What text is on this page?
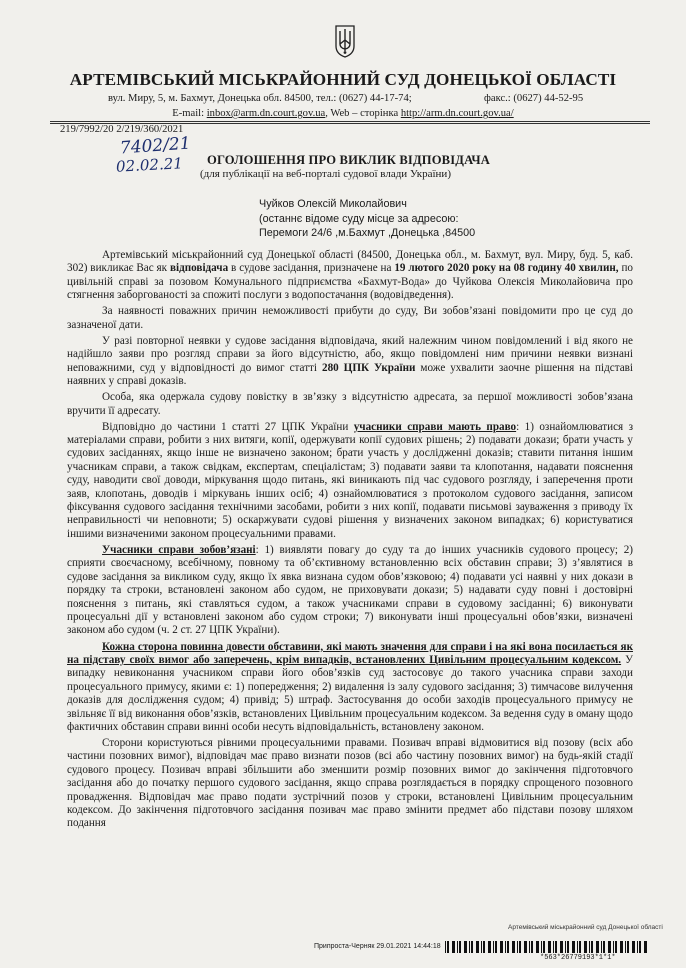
АРТЕМІВСЬКИЙ МІСЬКРАЙОННИЙ СУД ДОНЕЦЬКОЇ ОБЛАСТІ
вул. Миру, 5, м. Бахмут, Донецька обл. 84500, тел.: (0627) 44-17-74;	факс.: (0627) 44-52-95
E-mail: inbox@arm.dn.court.gov.ua, Web – сторінка http://arm.dn.court.gov.ua/
219/7992/20 2/219/360/2021
7402/21
02.02.21 ОГОЛОШЕННЯ ПРО ВИКЛИК ВІДПОВІДАЧА
(для публікації на веб-порталі судової влади України)
Чуйков Олексій Миколайович
(останнє відоме суду місце за адресою:
Перемоги 24/6 ,м.Бахмут ,Донецька ,84500

Артемівський міськрайонний суд Донецької області (84500, Донецька обл., м. Бахмут, вул. Миру, буд. 5, каб. 302) викликає Вас як відповідача в судове засідання, призначене на 19 лютого 2020 року на 08 годину 40 хвилин, по цивільній справі за позовом Комунального підприємства «Бахмут-Вода» до Чуйкова Олексія Миколайовича про стягнення заборгованості за спожиті послуги з водопостачання (водовідведення).

За наявності поважних причин неможливості прибути до суду, Ви зобов’язані повідомити про це суд до зазначеної дати.

У разі повторної неявки у судове засідання відповідача, який належним чином повідомлений і від якого не надійшло заяви про розгляд справи за його відсутністю, або, якщо повідомлені ним причини неявки визнані неповажними, суд у відповідності до вимог статті 280 ЦПК України може ухвалити заочне рішення на підставі наявних у справі доказів.

Особа, яка одержала судову повістку в зв’язку з відсутністю адресата, за першої можливості зобов’язана вручити її адресату.

Відповідно до частини 1 статті 27 ЦПК України учасники справи мають право: 1) ознайомлюватися з матеріалами справи, робити з них витяги, копії, одержувати копії судових рішень; 2) подавати докази; брати участь у судових засіданнях, якщо інше не визначено законом; брати участь у дослідженні доказів; ставити питання іншим учасникам справи, а також свідкам, експертам, спеціалістам; 3) подавати заяви та клопотання, надавати пояснення суду, наводити свої доводи, міркування щодо питань, які виникають під час судового розгляду, і заперечення проти заяв, клопотань, доводів і міркувань інших осіб; 4) ознайомлюватися з протоколом судового засідання, записом фіксування судового засідання технічними засобами, робити з них копії, подавати письмові зауваження з приводу їх неправильності чи неповноти; 5) оскаржувати судові рішення у визначених законом випадках; 6) користуватися іншими визначеними законом процесуальними правами.

Учасники справи зобов’язані: 1) виявляти повагу до суду та до інших учасників судового процесу; 2) сприяти своєчасному, всебічному, повному та об’єктивному встановленню всіх обставин справи; 3) з’являтися в судове засідання за викликом суду, якщо їх явка визнана судом обов’язковою; 4) подавати усі наявні у них докази в порядку та строки, встановлені законом або судом, не приховувати докази; 5) надавати суду повні і достовірні пояснення з питань, які ставляться судом, а також учасниками справи в судовому засіданні; 6) виконувати процесуальні дії у встановлені законом або судом строки; 7) виконувати інші процесуальні обов’язки, визначені законом або судом (ч. 2 ст. 27 ЦПК України).

Кожна сторона повинна довести обставини, які мають значення для справи і на які вона посилається як на підставу своїх вимог або заперечень, крім випадків, встановлених Цивільним процесуальним кодексом. У випадку невиконання учасником справи його обов’язків суд застосовує до такого учасника справи заходи процесуального примусу, якими є: 1) попередження; 2) видалення із залу судового засідання; 3) тимчасове вилучення доказів для дослідження судом; 4) привід; 5) штраф. Застосування до особи заходів процесуального примусу не звільняє її від виконання обов’язків, встановлених Цивільним процесуальним кодексом. За ведення суду в оману щодо фактичних обставин справи винні особи несуть відповідальність, встановлену законом.

Сторони користуються рівними процесуальними правами. Позивач вправі відмовитися від позову (всіх або частини позовних вимог), відповідач має право визнати позов (всі або частину позовних вимог) на будь-якій стадії судового процесу. Позивач вправі збільшити або зменшити розмір позовних вимог до закінчення підготовчого засідання або до початку першого судового засідання, якщо справа розглядається в порядку спрощеного позовного провадження. Відповідач має право подати зустрічний позов у строки, встановлені Цивільним процесуальним кодексом. До закінчення підготовчого засідання позивач має право змінити предмет або підстави позову шляхом подання

Припроста-Черняк 29.01.2021 14:44:18
Артемівський міськрайонний суд Донецької області
*563*26779193*1*1*
